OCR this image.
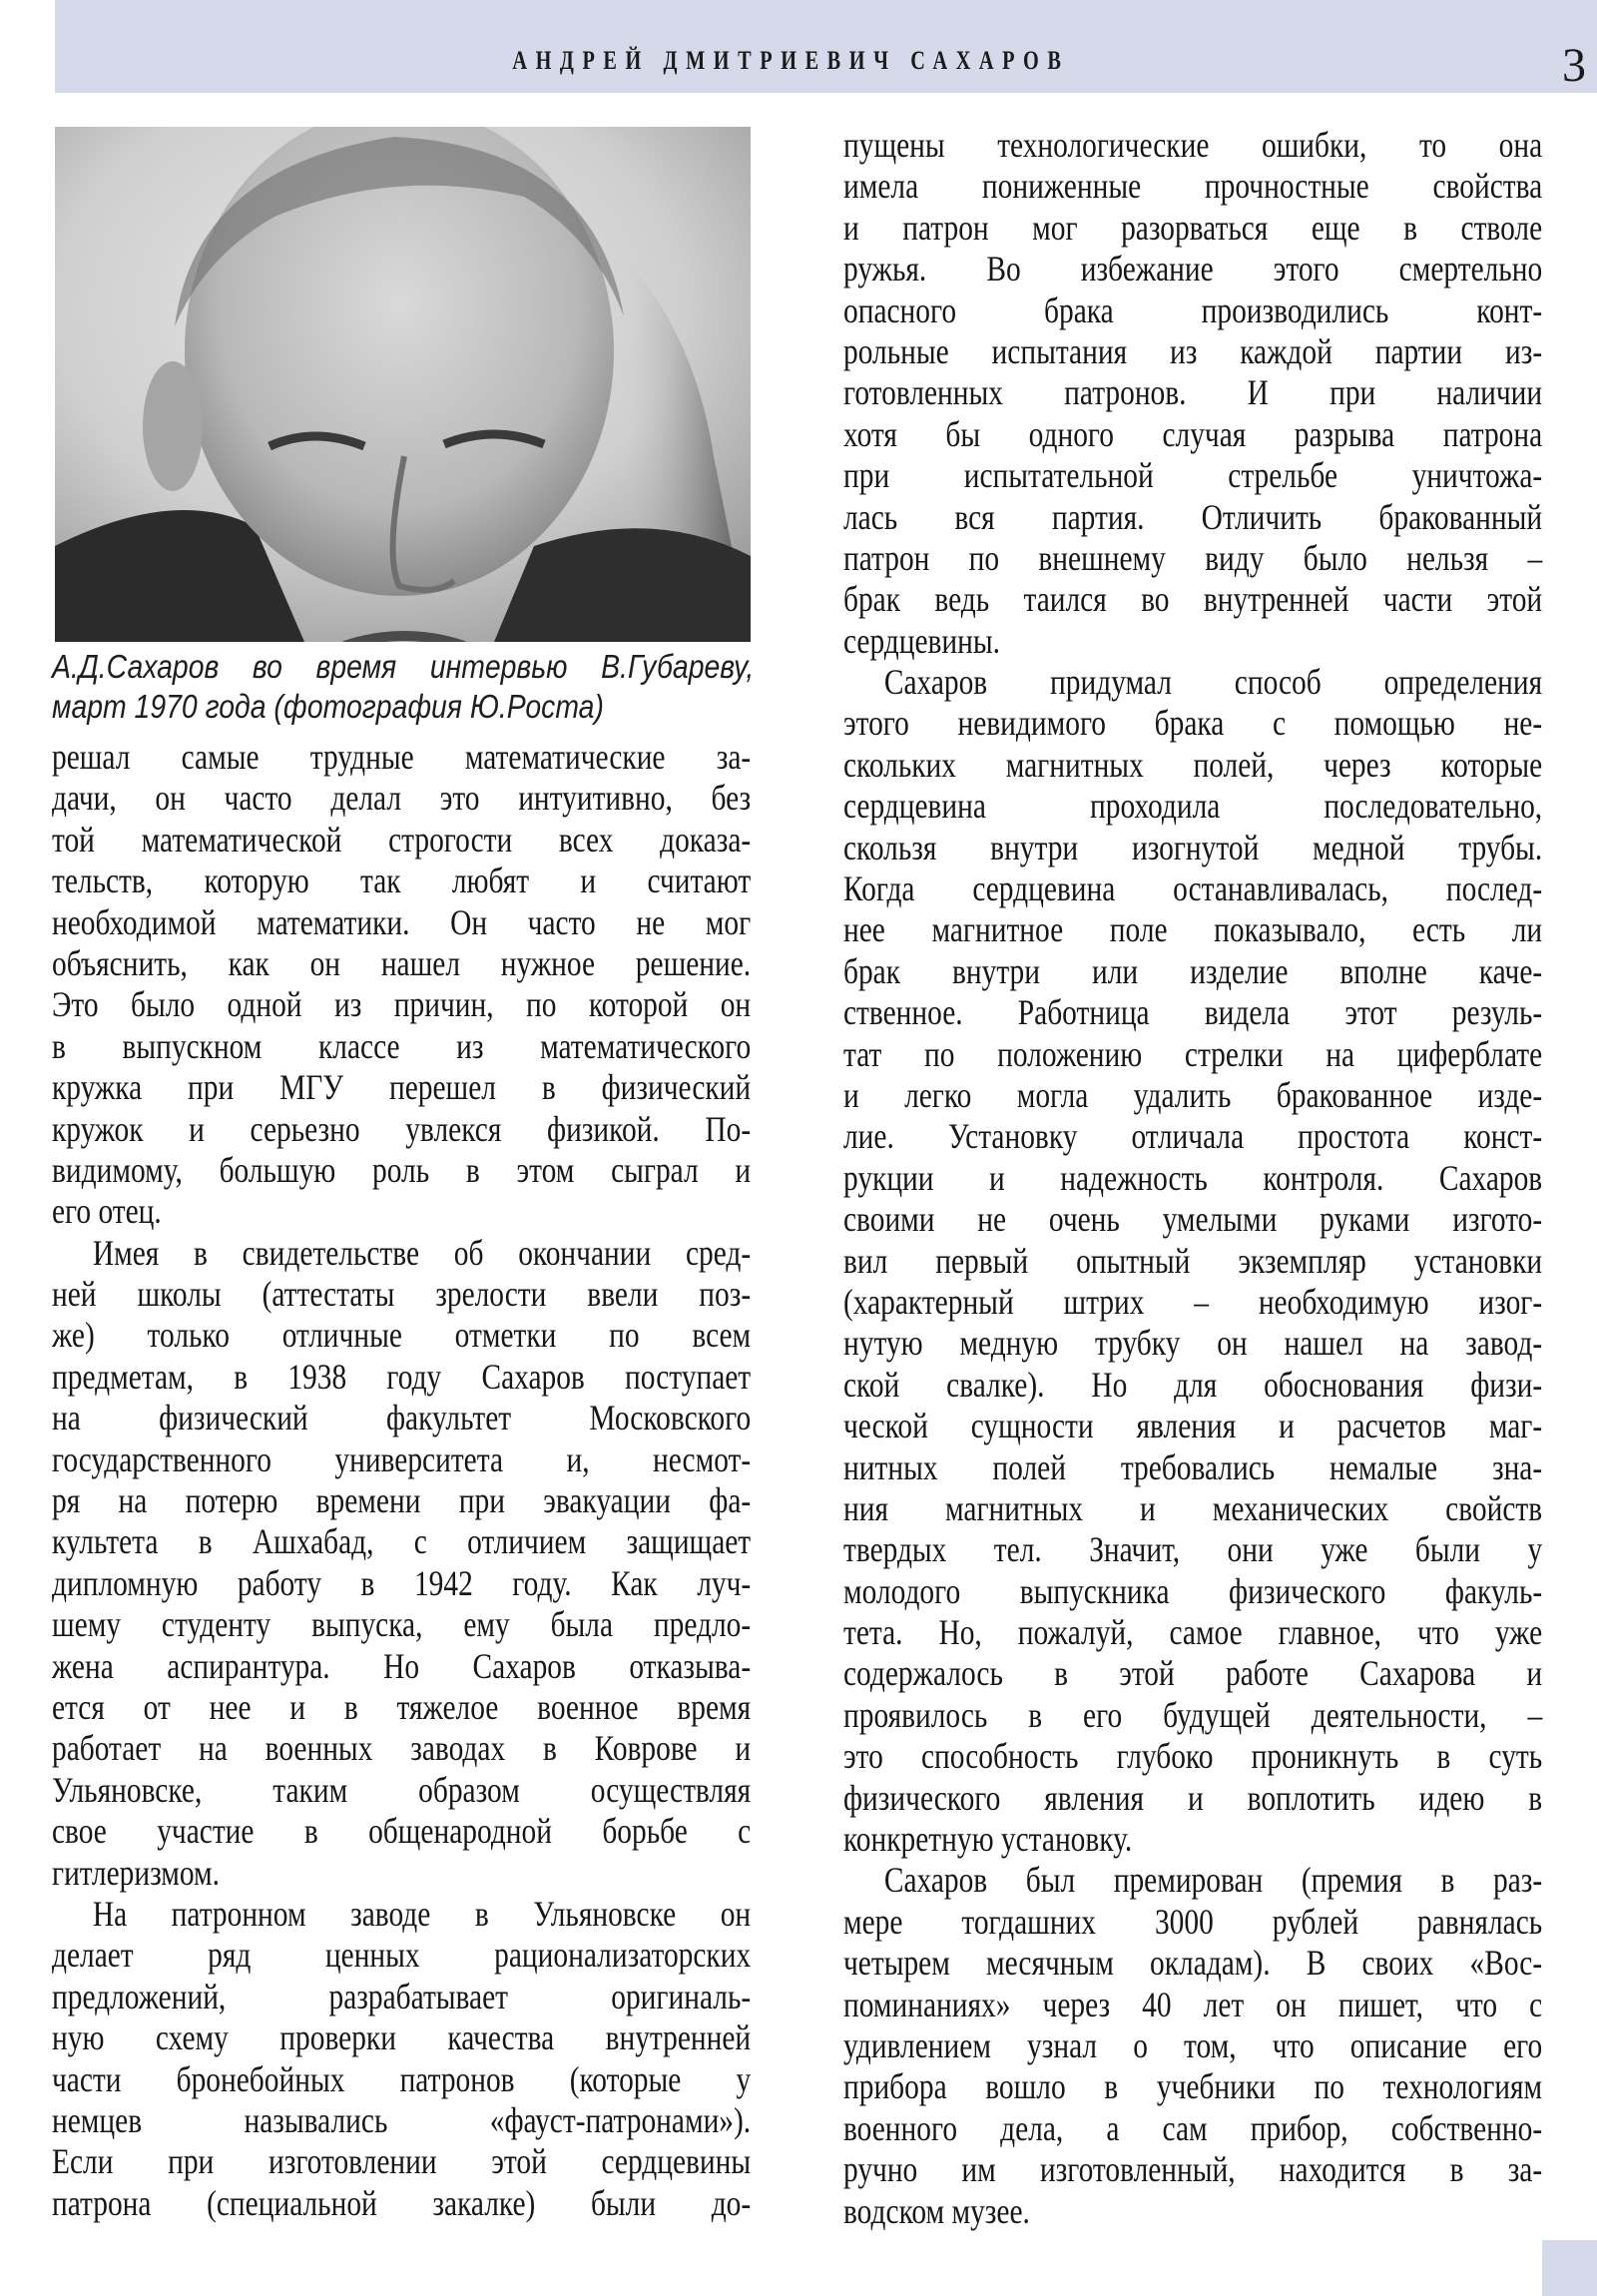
АНДРЕЙ ДМИТРИЕВИЧ САХАРОВ	3
А.Д.Сахаров во время интервью В.Губареву,
март 1970 года (фотография Ю.Роста)
решал самые трудные математические за-
дачи, он часто делал это интуитивно, без
той математической строгости всех доказа-
тельств, которую так любят и считают
необходимой математики. Он часто не мог
объяснить, как он нашел нужное решение.
Это было одной из причин, по которой он
в выпускном классе из математического
кружка при МГУ перешел в физический
кружок и серьезно увлекся физикой. По-
видимому, большую роль в этом сыграл и
его отец.
Имея в свидетельстве об окончании сред-
ней школы (аттестаты зрелости ввели поз-
же) только отличные отметки по всем
предметам, в 1938 году Сахаров поступает
на физический факультет Московского
государственного университета и, несмот-
ря на потерю времени при эвакуации фа-
культета в Ашхабад, с отличием защищает
дипломную работу в 1942 году. Как луч-
шему студенту выпуска, ему была предло-
жена аспирантура. Но Сахаров отказыва-
ется от нее и в тяжелое военное время
работает на военных заводах в Коврове и
Ульяновске, таким образом осуществляя
свое участие в общенародной борьбе с
гитлеризмом.
На патронном заводе в Ульяновске он
делает ряд ценных рационализаторских
предложений, разрабатывает оригиналь-
ную схему проверки качества внутренней
части бронебойных патронов (которые у
немцев назывались «фауст-патронами»).
Если при изготовлении этой сердцевины
патрона (специальной закалке) были до-
пущены технологические ошибки, то она
имела пониженные прочностные свойства
и патрон мог разорваться еще в стволе
ружья. Во избежание этого смертельно
опасного брака производились конт-
рольные испытания из каждой партии из-
готовленных патронов. И при наличии
хотя бы одного случая разрыва патрона
при испытательной стрельбе уничтожа-
лась вся партия. Отличить бракованный
патрон по внешнему виду было нельзя –
брак ведь таился во внутренней части этой
сердцевины.
Сахаров придумал способ определения
этого невидимого брака с помощью не-
скольких магнитных полей, через которые
сердцевина проходила последовательно,
скользя внутри изогнутой медной трубы.
Когда сердцевина останавливалась, послед-
нее магнитное поле показывало, есть ли
брак внутри или изделие вполне каче-
ственное. Работница видела этот резуль-
тат по положению стрелки на циферблате
и легко могла удалить бракованное изде-
лие. Установку отличала простота конст-
рукции и надежность контроля. Сахаров
своими не очень умелыми руками изгото-
вил первый опытный экземпляр установки
(характерный штрих – необходимую изог-
нутую медную трубку он нашел на завод-
ской свалке). Но для обоснования физи-
ческой сущности явления и расчетов маг-
нитных полей требовались немалые зна-
ния магнитных и механических свойств
твердых тел. Значит, они уже были у
молодого выпускника физического факуль-
тета. Но, пожалуй, самое главное, что уже
содержалось в этой работе Сахарова и
проявилось в его будущей деятельности, –
это способность глубоко проникнуть в суть
физического явления и воплотить идею в
конкретную установку.
Сахаров был премирован (премия в раз-
мере тогдашних 3000 рублей равнялась
четырем месячным окладам). В своих «Вос-
поминаниях» через 40 лет он пишет, что с
удивлением узнал о том, что описание его
прибора вошло в учебники по технологиям
военного дела, а сам прибор, собственно-
ручно им изготовленный, находится в за-
водском музее.
